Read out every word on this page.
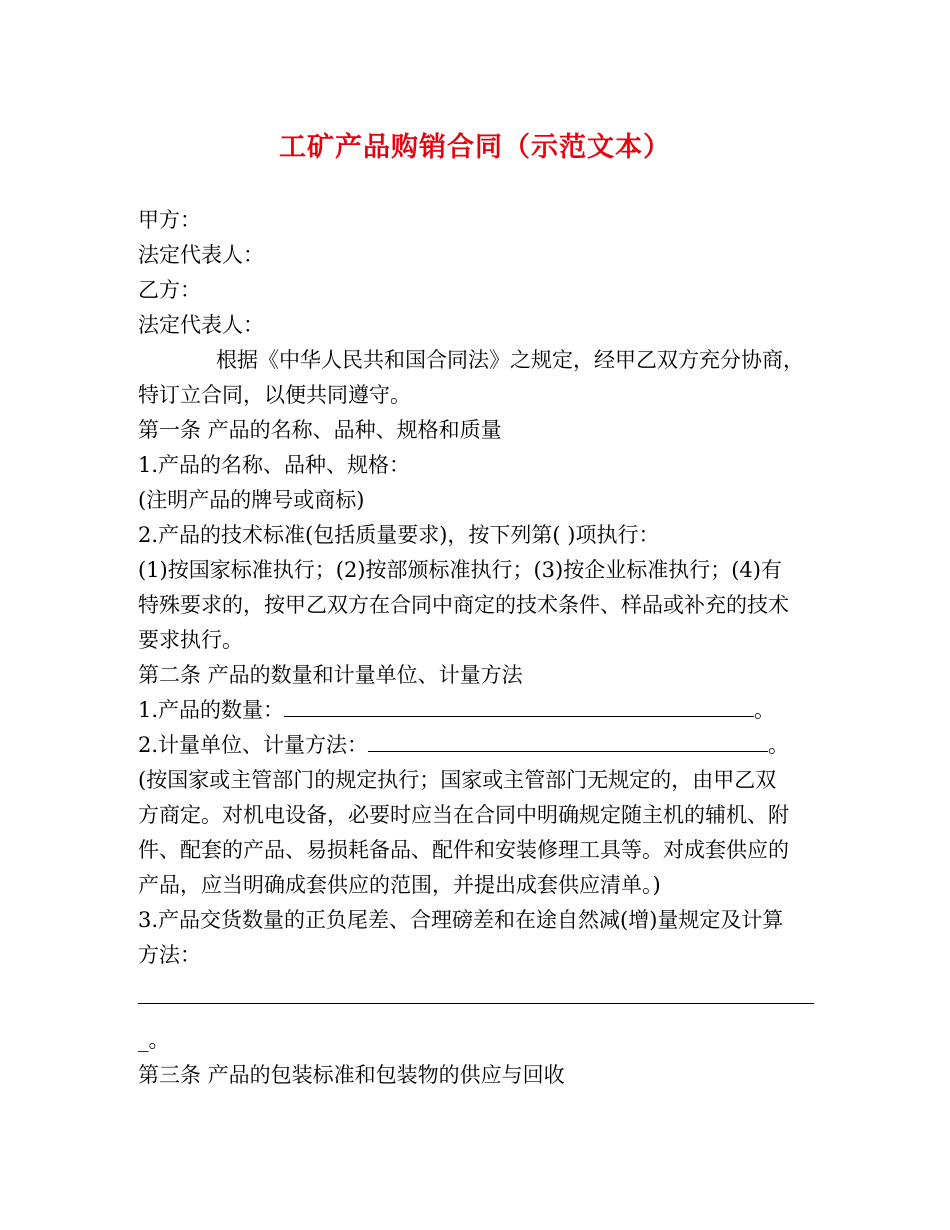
工矿产品购销合同（示范文本）
甲方：
法定代表人：
乙方：
法定代表人：
根据《中华人民共和国合同法》之规定，经甲乙双方充分协商，
特订立合同，以便共同遵守。
第一条 产品的名称、品种、规格和质量
1.产品的名称、品种、规格：
(注明产品的牌号或商标)
2.产品的技术标准(包括质量要求)，按下列第( )项执行：
(1)按国家标准执行；(2)按部颁标准执行；(3)按企业标准执行；(4)有
特殊要求的，按甲乙双方在合同中商定的技术条件、样品或补充的技术
要求执行。
第二条 产品的数量和计量单位、计量方法
1.产品的数量：	。
2.计量单位、计量方法：	。
(按国家或主管部门的规定执行；国家或主管部门无规定的，由甲乙双
方商定。对机电设备，必要时应当在合同中明确规定随主机的辅机、附
件、配套的产品、易损耗备品、配件和安装修理工具等。对成套供应的
产品，应当明确成套供应的范围，并提出成套供应清单。)
3.产品交货数量的正负尾差、合理磅差和在途自然减(增)量规定及计算
方法：
_。
第三条 产品的包装标准和包装物的供应与回收
